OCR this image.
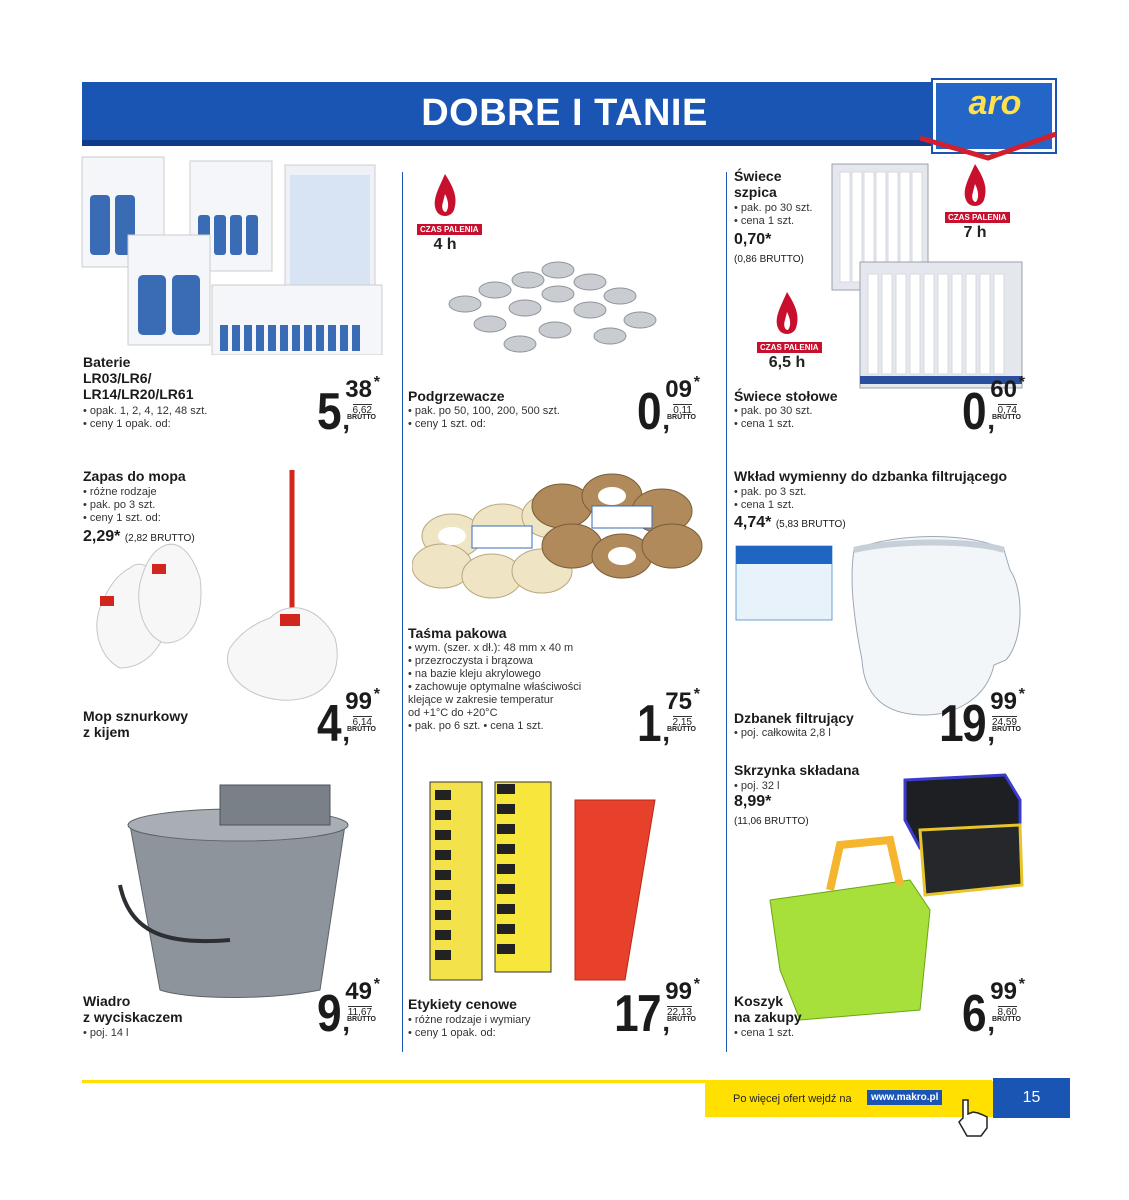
DOBRE I TANIE	aro
Baterie
LR03/LR6/
LR14/LR20/LR61
• opak. 1, 2, 4, 12, 48 szt.
• ceny 1 opak. od:	5 ,
38 *
6,62
BRUTTO
CZAS PALENIA
4 h
Podgrzewacze
• pak. po 50, 100, 200, 500 szt.
• ceny 1 szt. od:	0 ,
09 *
0,11
BRUTTO
Świece
szpica
• pak. po 30 szt.
• cena 1 szt.
0,70*
(0,86 BRUTTO)
CZAS PALENIA
7 h
CZAS PALENIA
6,5 h
Świece stołowe
• pak. po 30 szt.
• cena 1 szt.	0 ,
60 *
0,74
BRUTTO
Zapas do mopa
• różne rodzaje
• pak. po 3 szt.
• ceny 1 szt. od:
2,29* (2,82 BRUTTO)
Mop sznurkowy
z kijem	4 ,
99 *
6,14
BRUTTO
Taśma pakowa
• wym. (szer. x dł.): 48 mm x 40 m
• przezroczysta i brązowa
• na bazie kleju akrylowego
• zachowuje optymalne właściwości
klejące w zakresie temperatur
od +1°C do +20°C
• pak. po 6 szt. • cena 1 szt.	1 ,
75 *
2,15
BRUTTO
Wkład wymienny do dzbanka filtrującego
• pak. po 3 szt.
• cena 1 szt.
4,74* (5,83 BRUTTO)
Dzbanek filtrujący
• poj. całkowita 2,8 l 19 ,
99 *
24,59
BRUTTO
Wiadro
z wyciskaczem
• poj. 14 l	9 ,
49 *
11,67
BRUTTO
Etykiety cenowe
• różne rodzaje i wymiary
• ceny 1 opak. od:	17 ,
99 *
22,13
BRUTTO
Skrzynka składana
• poj. 32 l
8,99*
(11,06 BRUTTO)
Koszyk
na zakupy
• cena 1 szt.	6 ,
99 *
8,60
BRUTTO
Po więcej ofert wejdź na	www.makro.pl	15
